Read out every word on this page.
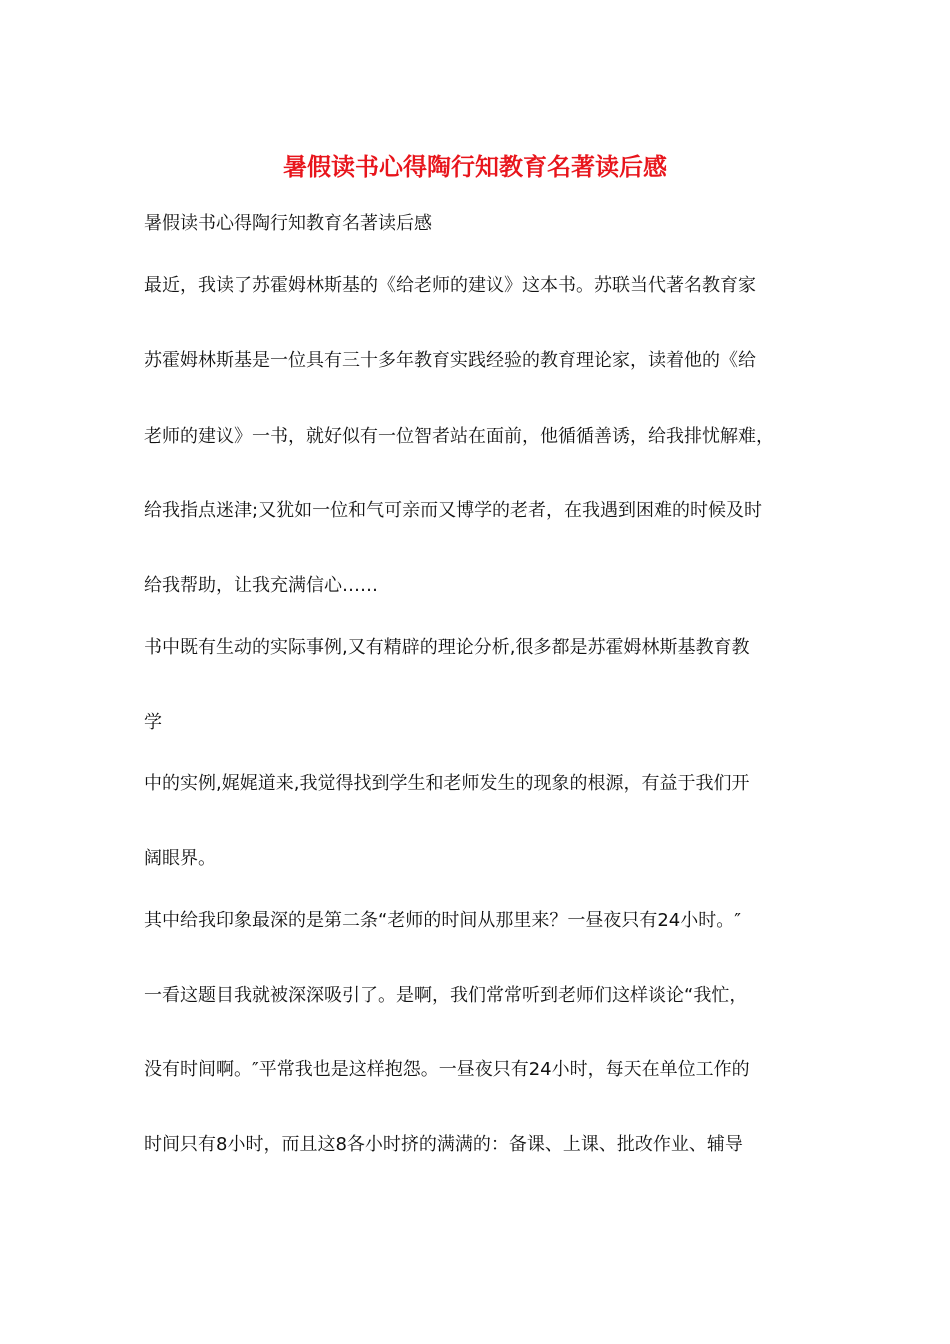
暑假读书心得陶行知教育名著读后感
暑假读书心得陶行知教育名著读后感
最近，我读了苏霍姆林斯基的《给老师的建议》这本书。苏联当代著名教育家
苏霍姆林斯基是一位具有三十多年教育实践经验的教育理论家，读着他的《给
老师的建议》一书，就好似有一位智者站在面前，他循循善诱，给我排忧解难，
给我指点迷津;又犹如一位和气可亲而又博学的老者，在我遇到困难的时候及时
给我帮助，让我充满信心……
书中既有生动的实际事例,又有精辟的理论分析,很多都是苏霍姆林斯基教育教
学
中的实例,娓娓道来,我觉得找到学生和老师发生的现象的根源，有益于我们开
阔眼界。
其中给我印象最深的是第二条“老师的时间从那里来？一昼夜只有24小时。″
一看这题目我就被深深吸引了。是啊，我们常常听到老师们这样谈论“我忙，
没有时间啊。″平常我也是这样抱怨。一昼夜只有24小时，每天在单位工作的
时间只有8小时，而且这8各小时挤的满满的：备课、上课、批改作业、辅导
